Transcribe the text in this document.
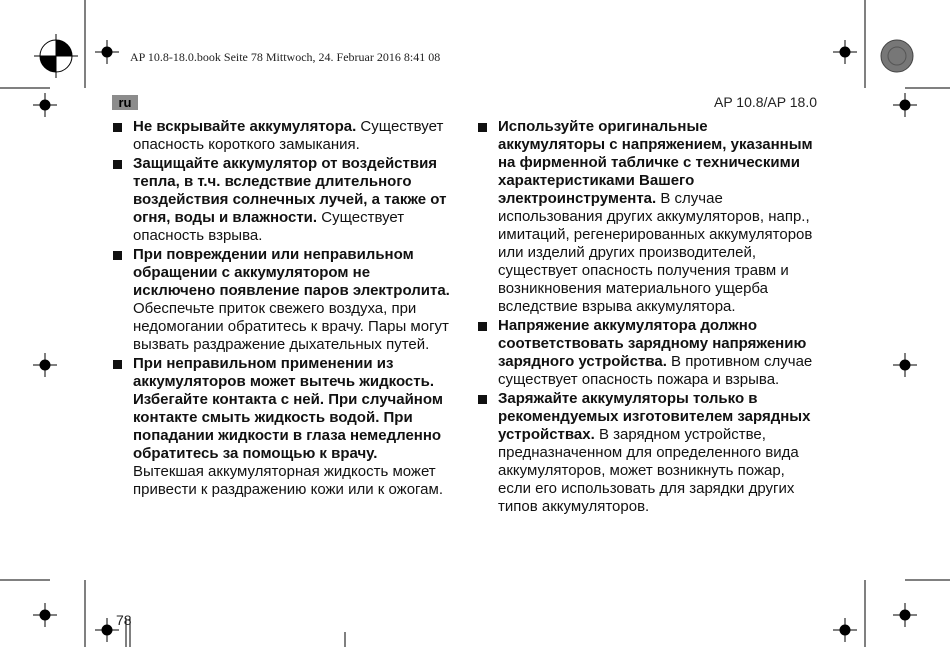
AP 10.8-18.0.book Seite 78 Mittwoch, 24. Februar 2016 8:41 08
ru	AP 10.8/AP 18.0
Не вскрывайте аккумулятора. Существует опасность короткого замыкания.
Защищайте аккумулятор от воздействия тепла, в т.ч. вследствие длительного воздействия солнечных лучей, а также от огня, воды и влажности. Существует опасность взрыва.
При повреждении или неправильном обращении с аккумулятором не исключено появление паров электролита. Обеспечьте приток свежего воздуха, при недомогании обратитесь к врачу. Пары могут вызвать раздражение дыхательных путей.
При неправильном применении из аккумуляторов может вытечь жидкость. Избегайте контакта с ней. При случайном контакте смыть жидкость водой. При попадании жидкости в глаза немедленно обратитесь за помощью к врачу. Вытекшая аккумуляторная жидкость может привести к раздражению кожи или к ожогам.
Используйте оригинальные аккумуляторы с напряжением, указанным на фирменной табличке с техническими характеристиками Вашего электроинструмента. В случае использования других аккумуляторов, напр., имитаций, регенерированных аккумуляторов или изделий других производителей, существует опасность получения травм и возникновения материального ущерба вследствие взрыва аккумулятора.
Напряжение аккумулятора должно соответствовать зарядному напряжению зарядного устройства. В противном случае существует опасность пожара и взрыва.
Заряжайте аккумуляторы только в рекомендуемых изготовителем зарядных устройствах. В зарядном устройстве, предназначенном для определенного вида аккумуляторов, может возникнуть пожар, если его использовать для зарядки других типов аккумуляторов.
78
